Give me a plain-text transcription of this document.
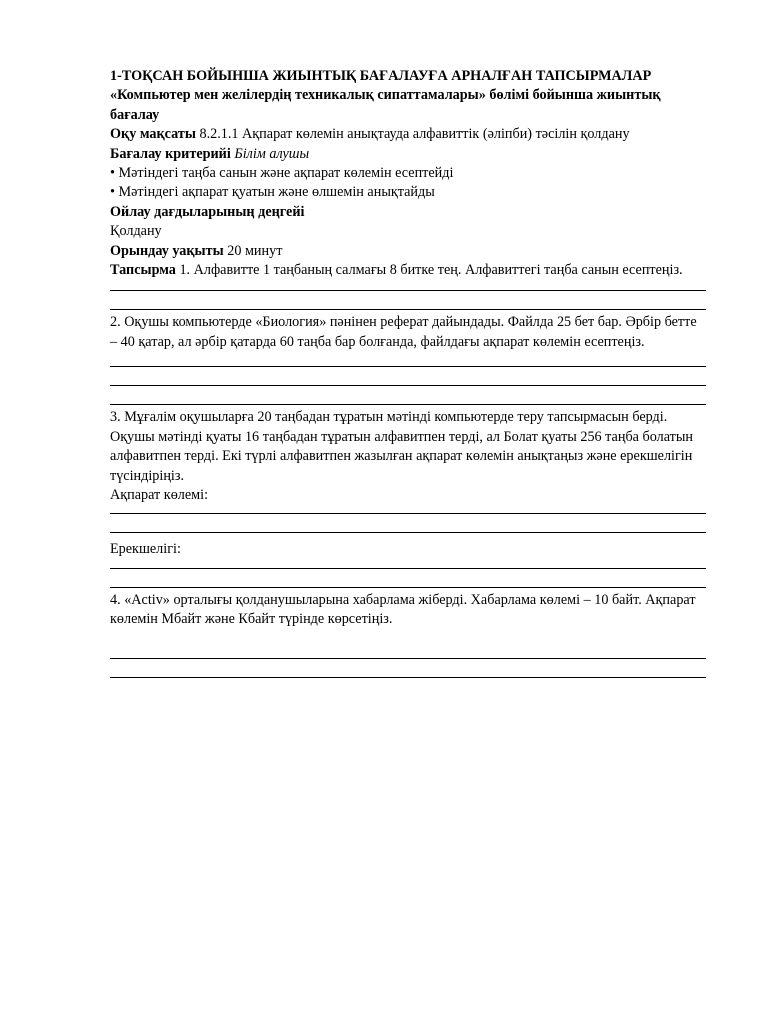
1-ТОҚСАН БОЙЫНША ЖИЫНТЫҚ БАҒАЛАУҒА АРНАЛҒАН ТАПСЫРМАЛАР
«Компьютер мен желілердің техникалық сипаттамалары» бөлімі бойынша жиынтық бағалау
Оқу мақсаты 8.2.1.1 Ақпарат көлемін анықтауда алфавиттік (әліпби) тәсілін қолдану
Бағалау критерийі Білім алушы
• Мәтіндегі таңба санын және ақпарат көлемін есептейді
• Мәтіндегі ақпарат қуатын және өлшемін анықтайды
Ойлау дағдыларының деңгейі
Қолдану
Орындау уақыты 20 минут
Тапсырма 1. Алфавитте 1 таңбаның салмағы 8 битке тең. Алфавиттегі таңба санын есептеңіз.
2. Оқушы компьютерде «Биология» пәнінен реферат дайындады. Файлда 25 бет бар. Әрбір бетте – 40 қатар, ал әрбір қатарда 60 таңба бар болғанда, файлдағы ақпарат көлемін есептеңіз.
3. Мұғалім оқушыларға 20 таңбадан тұратын мәтінді компьютерде теру тапсырмасын берді. Оқушы мәтінді қуаты 16 таңбадан тұратын алфавитпен терді, ал Болат қуаты 256 таңба болатын алфавитпен терді. Екі түрлі алфавитпен жазылған ақпарат көлемін анықтаңыз және ерекшелігін түсіндіріңіз.
Ақпарат көлемі:
Ерекшелігі:
4. «Activ» орталығы қолданушыларына хабарлама жіберді. Хабарлама көлемі – 10 байт. Ақпарат көлемін Мбайт және Кбайт түрінде көрсетіңіз.
